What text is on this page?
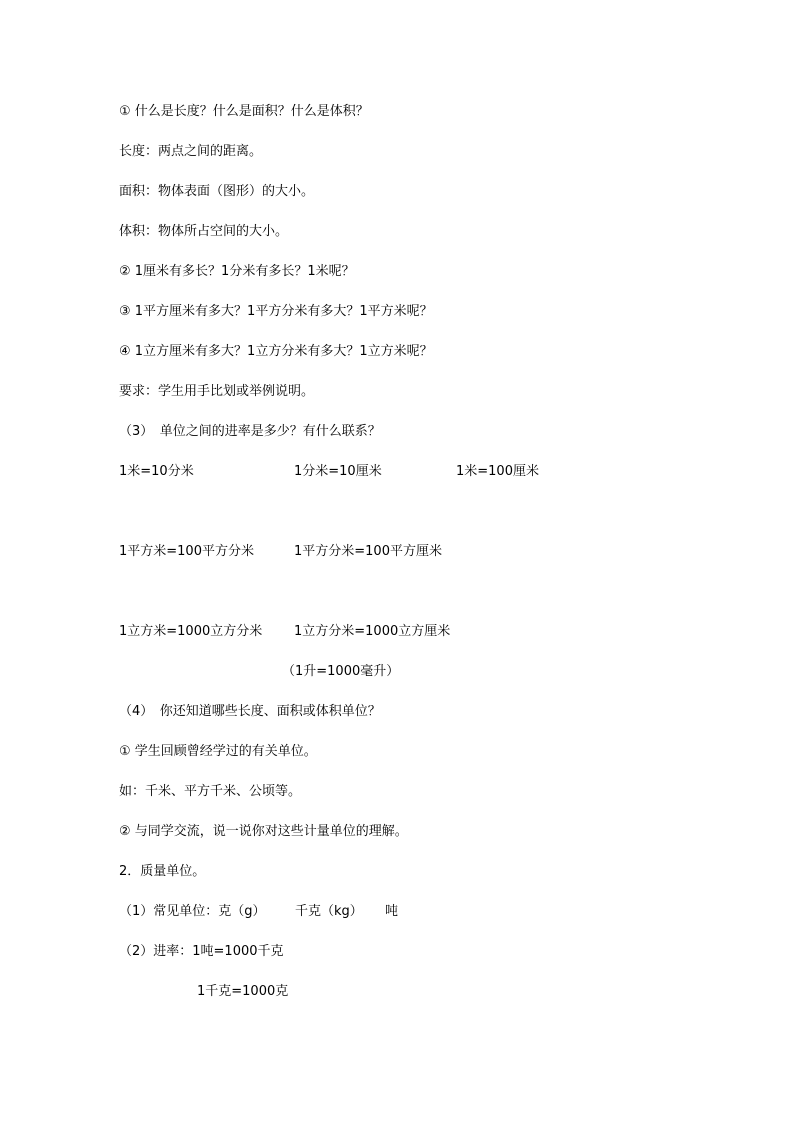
① 什么是长度？什么是面积？什么是体积？
长度：两点之间的距离。
面积：物体表面（图形）的大小。
体积：物体所占空间的大小。
② 1厘米有多长？1分米有多长？1米呢？
③ 1平方厘米有多大？1平方分米有多大？1平方米呢？
④ 1立方厘米有多大？1立方分米有多大？1立方米呢？
要求：学生用手比划或举例说明。
（3）　单位之间的进率是多少？有什么联系？
1米=10分米	1分米=10厘米	1米=100厘米
1平方米=100平方分米	1平方分米=100平方厘米
1立方米=1000立方分米 1立方分米=1000立方厘米
（1升=1000毫升）
（4）　你还知道哪些长度、面积或体积单位？
① 学生回顾曾经学过的有关单位。
如：千米、平方千米、公顷等。
② 与同学交流，说一说你对这些计量单位的理解。
2．质量单位。
（1）常见单位：克（g） 千克（kg） 吨
（2）进率：1吨=1000千克
1千克=1000克
